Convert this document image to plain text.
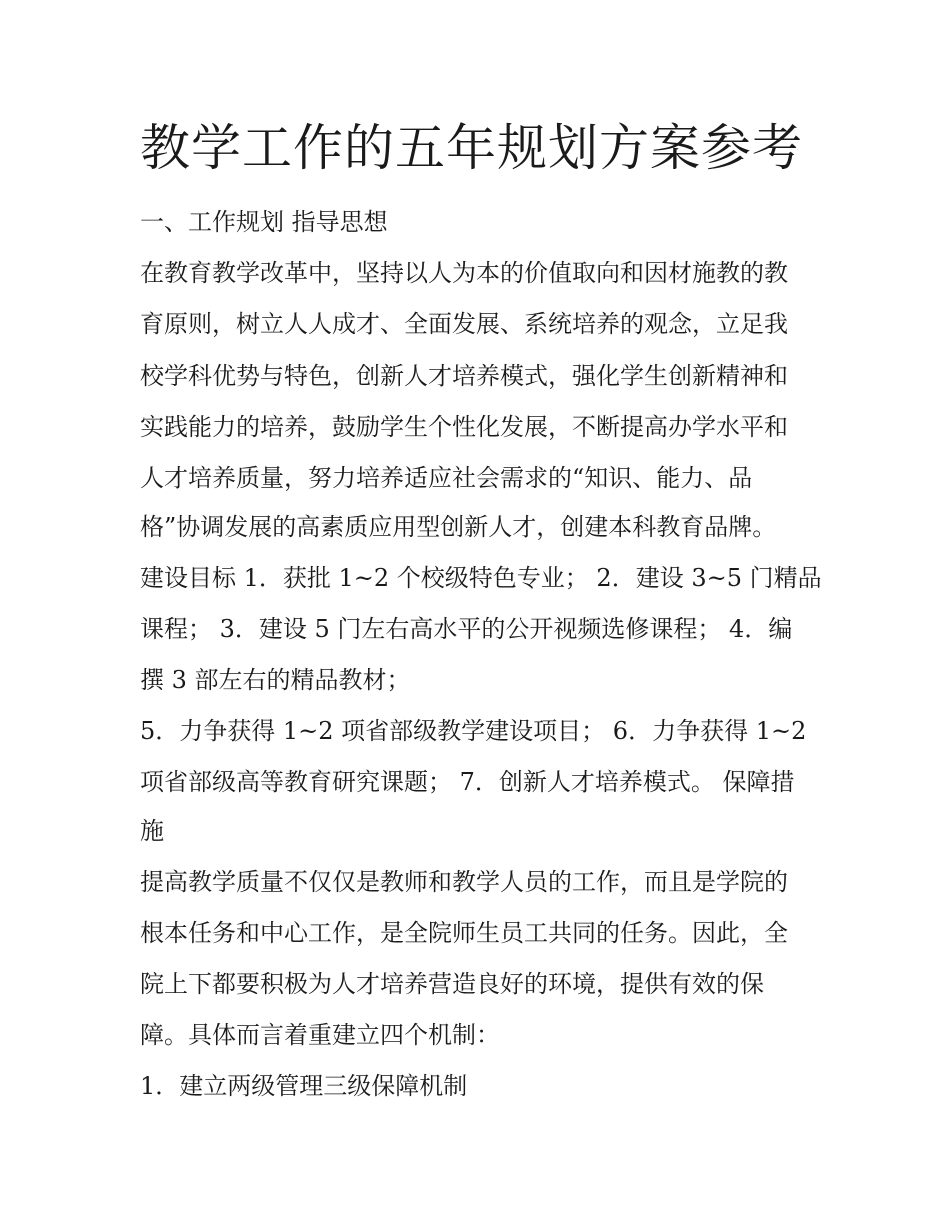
教学工作的五年规划方案参考

一、工作规划 指导思想

在教育教学改革中，坚持以人为本的价值取向和因材施教的教

育原则，树立人人成才、全面发展、系统培养的观念，立足我

校学科优势与特色，创新人才培养模式，强化学生创新精神和

实践能力的培养，鼓励学生个性化发展，不断提高办学水平和

人才培养质量，努力培养适应社会需求的“知识、能力、品

格”协调发展的高素质应用型创新人才，创建本科教育品牌。

建设目标 1．获批 1~2 个校级特色专业； 2．建设 3~5 门精品

课程； 3．建设 5 门左右高水平的公开视频选修课程； 4．编

撰 3 部左右的精品教材；

5．力争获得 1~2 项省部级教学建设项目； 6．力争获得 1~2

项省部级高等教育研究课题； 7．创新人才培养模式。 保障措

施

提高教学质量不仅仅是教师和教学人员的工作，而且是学院的

根本任务和中心工作，是全院师生员工共同的任务。因此，全

院上下都要积极为人才培养营造良好的环境，提供有效的保

障。具体而言着重建立四个机制：

1．建立两级管理三级保障机制
